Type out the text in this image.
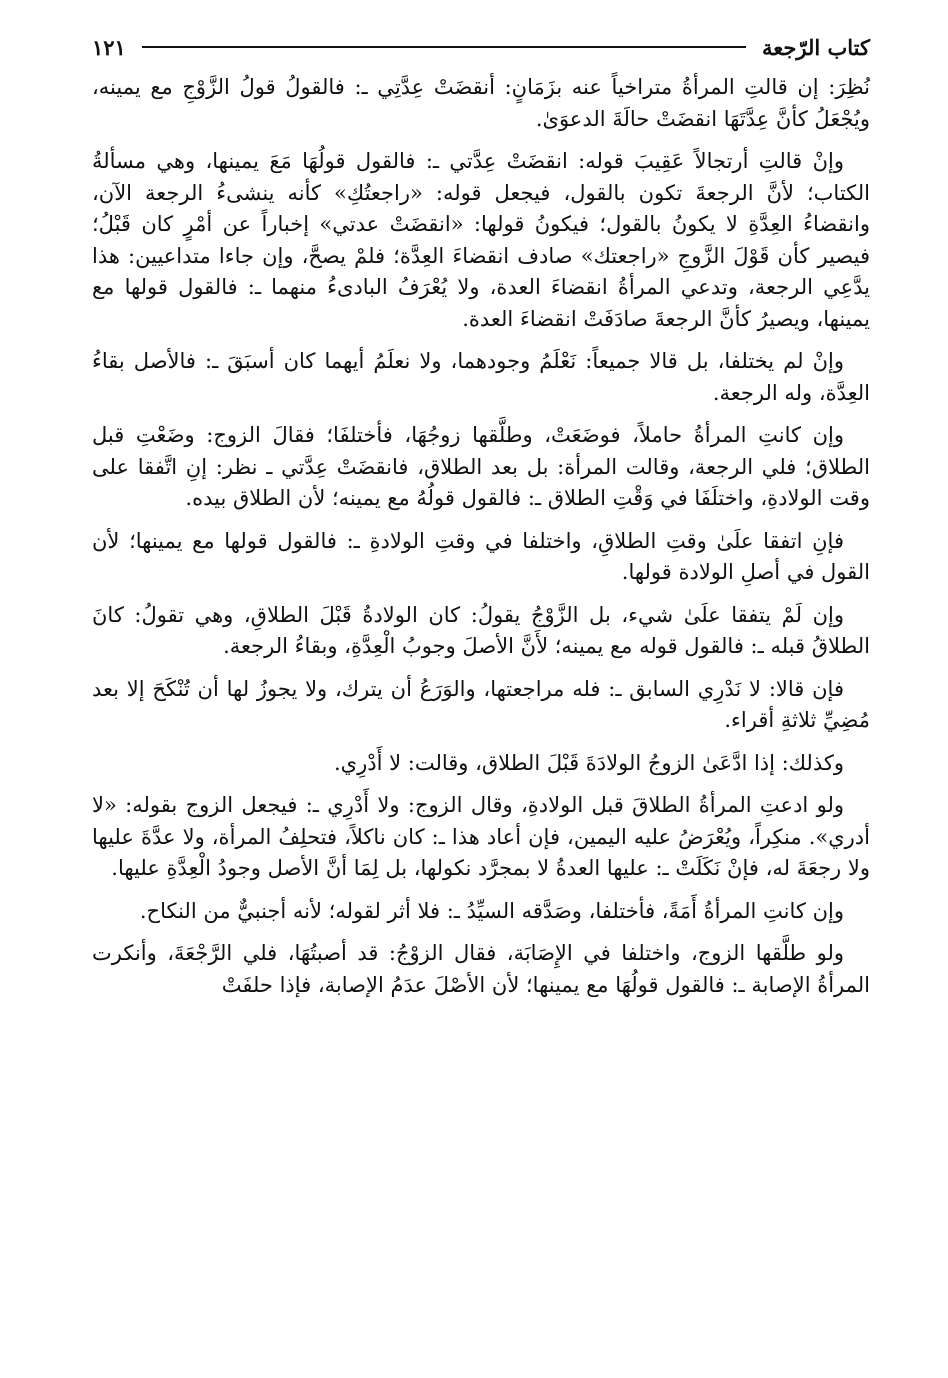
كتاب الرّجعة
١٢١

نُظِرَ: إن قالتِ المرأةُ متراخياً عنه بزَمَانٍ: أنقضَتْ عِدَّتِي ـ: فالقولُ قولُ الزَّوْجِ مع يمينه، ويُجْعَلُ كأنَّ عِدَّتَهَا انقضَتْ حالَةَ الدعوَىٰ.

وإنْ قالتِ أرتجالاً عَقِيبَ قوله: انقضَتْ عِدَّتي ـ: فالقول قولُهَا مَعَ يمينها، وهي مسألةُ الكتاب؛ لأنَّ الرجعةَ تكون بالقول، فيجعل قوله: «راجعتُكِ» كأنه ينشىءُ الرجعة الآن، وانقضاءُ العِدَّةِ لا يكونُ بالقول؛ فيكونُ قولها: «انقضَتْ عدتي» إخباراً عن أمْرٍ كان قَبْلُ؛ فيصير كأن قَوْلَ الزَّوجِ «راجعتك» صادف انقضاءَ العِدَّة؛ فلمْ يصحَّ، وإن جاءا متداعيين: هذا يدَّعِي الرجعة، وتدعي المرأةُ انقضاءَ العدة، ولا يُعْرَفُ البادىءُ منهما ـ: فالقول قولها مع يمينها، ويصيرُ كأنَّ الرجعةَ صادَفَتْ انقضاءَ العدة.

وإنْ لم يختلفا، بل قالا جميعاً: نَعْلَمُ وجودهما، ولا نعلَمُ أيهما كان أسبَقَ ـ: فالأصل بقاءُ العِدَّة، وله الرجعة.

وإن كانتِ المرأةُ حاملاً، فوضَعَتْ، وطلَّقها زوجُهَا، فأختلفَا؛ فقالَ الزوج: وضَعْتِ قبل الطلاق؛ فلي الرجعة، وقالت المرأة: بل بعد الطلاق، فانقضَتْ عِدَّتي ـ نظر: إنِ اتَّفقا على وقت الولادةِ، واختلَفَا في وَقْتِ الطلاق ـ: فالقول قولُهُ مع يمينه؛ لأن الطلاق بيده.

فإنِ اتفقا علَىٰ وقتِ الطلاقِ، واختلفا في وقتِ الولادةِ ـ: فالقول قولها مع يمينها؛ لأن القول في أصلِ الولادة قولها.

وإن لَمْ يتفقا علَىٰ شيء، بل الزَّوْجُ يقولُ: كان الولادةُ قَبْلَ الطلاقِ، وهي تقولُ: كانَ الطلاقُ قبله ـ: فالقول قوله مع يمينه؛ لأَنَّ الأصلَ وجوبُ الْعِدَّةِ، وبقاءُ الرجعة.

فإن قالا: لا نَدْرِي السابق ـ: فله مراجعتها، والوَرَعُ أن يترك، ولا يجوزُ لها أن تُنْكَحَ إلا بعد مُضِيِّ ثلاثةِ أقراء.

وكذلك: إذا ادَّعَىٰ الزوجُ الولادَةَ قَبْلَ الطلاق، وقالت: لا أَدْرِي.

ولو ادعتِ المرأةُ الطلاقَ قبل الولادةِ، وقال الزوج: ولا أَدْرِي ـ: فيجعل الزوج بقوله: «لا أدري». منكِراً، ويُعْرَضُ عليه اليمين، فإن أعاد هذا ـ: كان ناكلاً، فتحلِفُ المرأة، ولا عدَّةَ عليها ولا رجعَةَ له، فإنْ نَكَلَتْ ـ: عليها العدةُ لا بمجرَّد نكولها، بل لِمَا أنَّ الأصل وجودُ الْعِدَّةِ عليها.

وإن كانتِ المرأةُ أَمَةً، فأختلفا، وصَدَّقه السيِّدُ ـ: فلا أثر لقوله؛ لأنه أجنبيٌّ من النكاح.

ولو طلَّقها الزوج، واختلفا في الإِصَابَة، فقال الزوْجُ: قد أصبتُهَا، فلي الرَّجْعَةَ، وأنكرت المرأةُ الإصابة ـ: فالقول قولُهَا مع يمينها؛ لأن الأصْلَ عدَمُ الإصابة، فإذا حلفَتْ
